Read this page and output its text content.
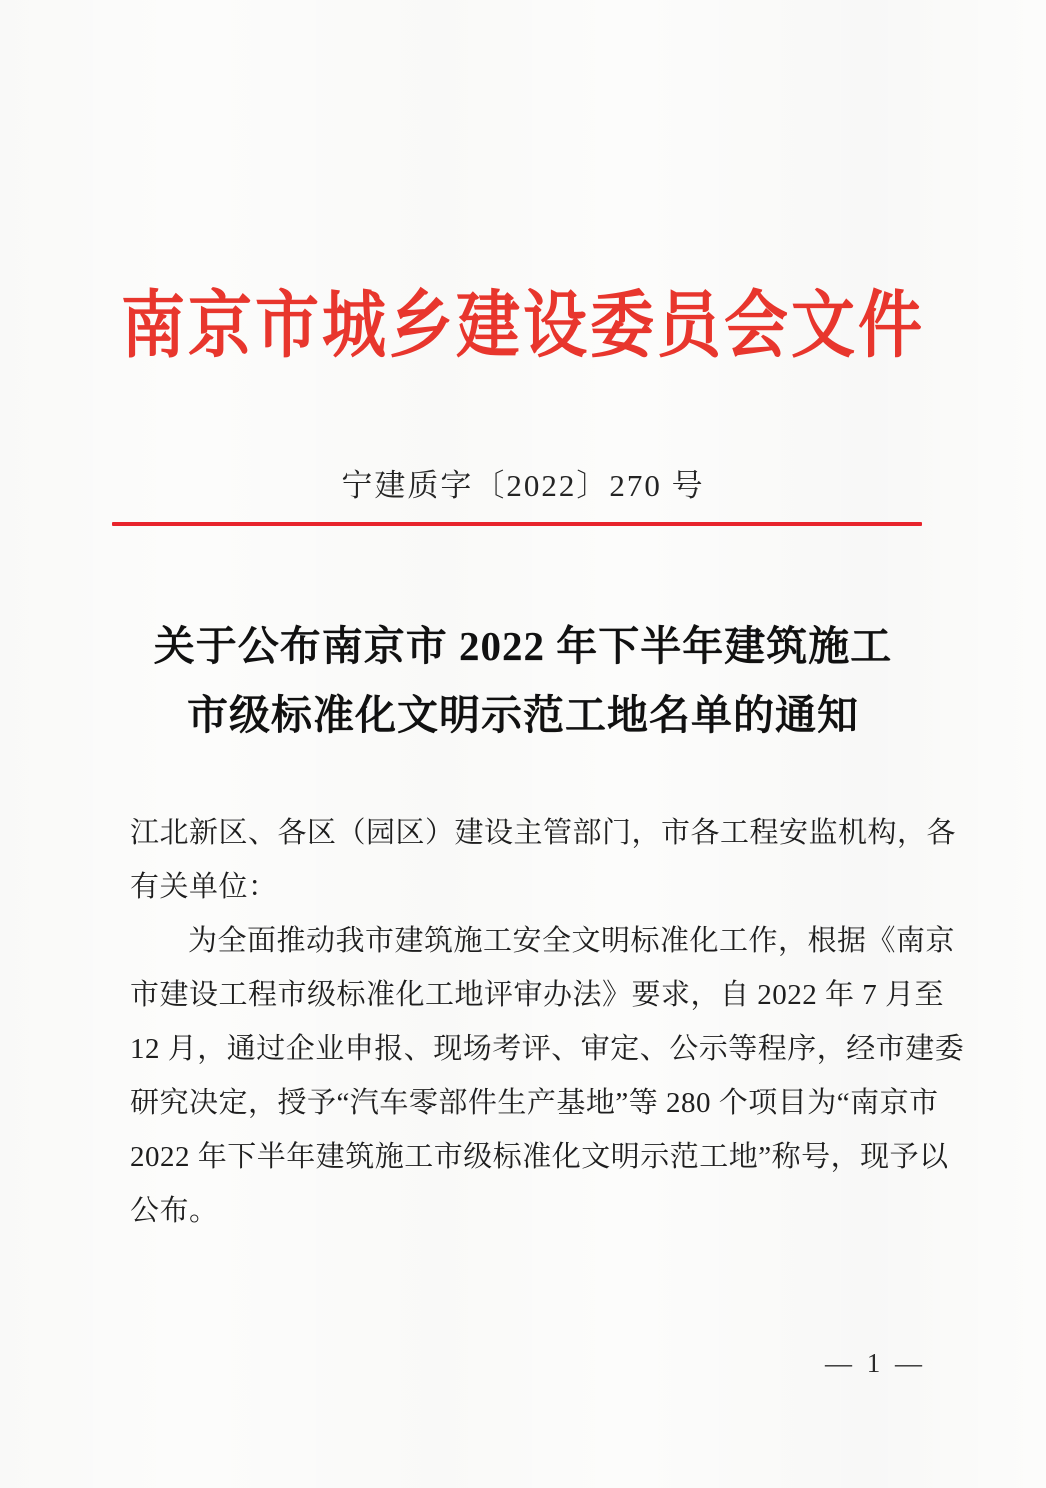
南京市城乡建设委员会文件
宁建质字〔2022〕270 号
关于公布南京市 2022 年下半年建筑施工
市级标准化文明示范工地名单的通知
江北新区、各区（园区）建设主管部门，市各工程安监机构，各
有关单位：
为全面推动我市建筑施工安全文明标准化工作，根据《南京
市建设工程市级标准化工地评审办法》要求，自 2022 年 7 月至
12 月，通过企业申报、现场考评、审定、公示等程序，经市建委
研究决定，授予“汽车零部件生产基地”等 280 个项目为“南京市
2022 年下半年建筑施工市级标准化文明示范工地”称号，现予以
公布。
— 1 —
